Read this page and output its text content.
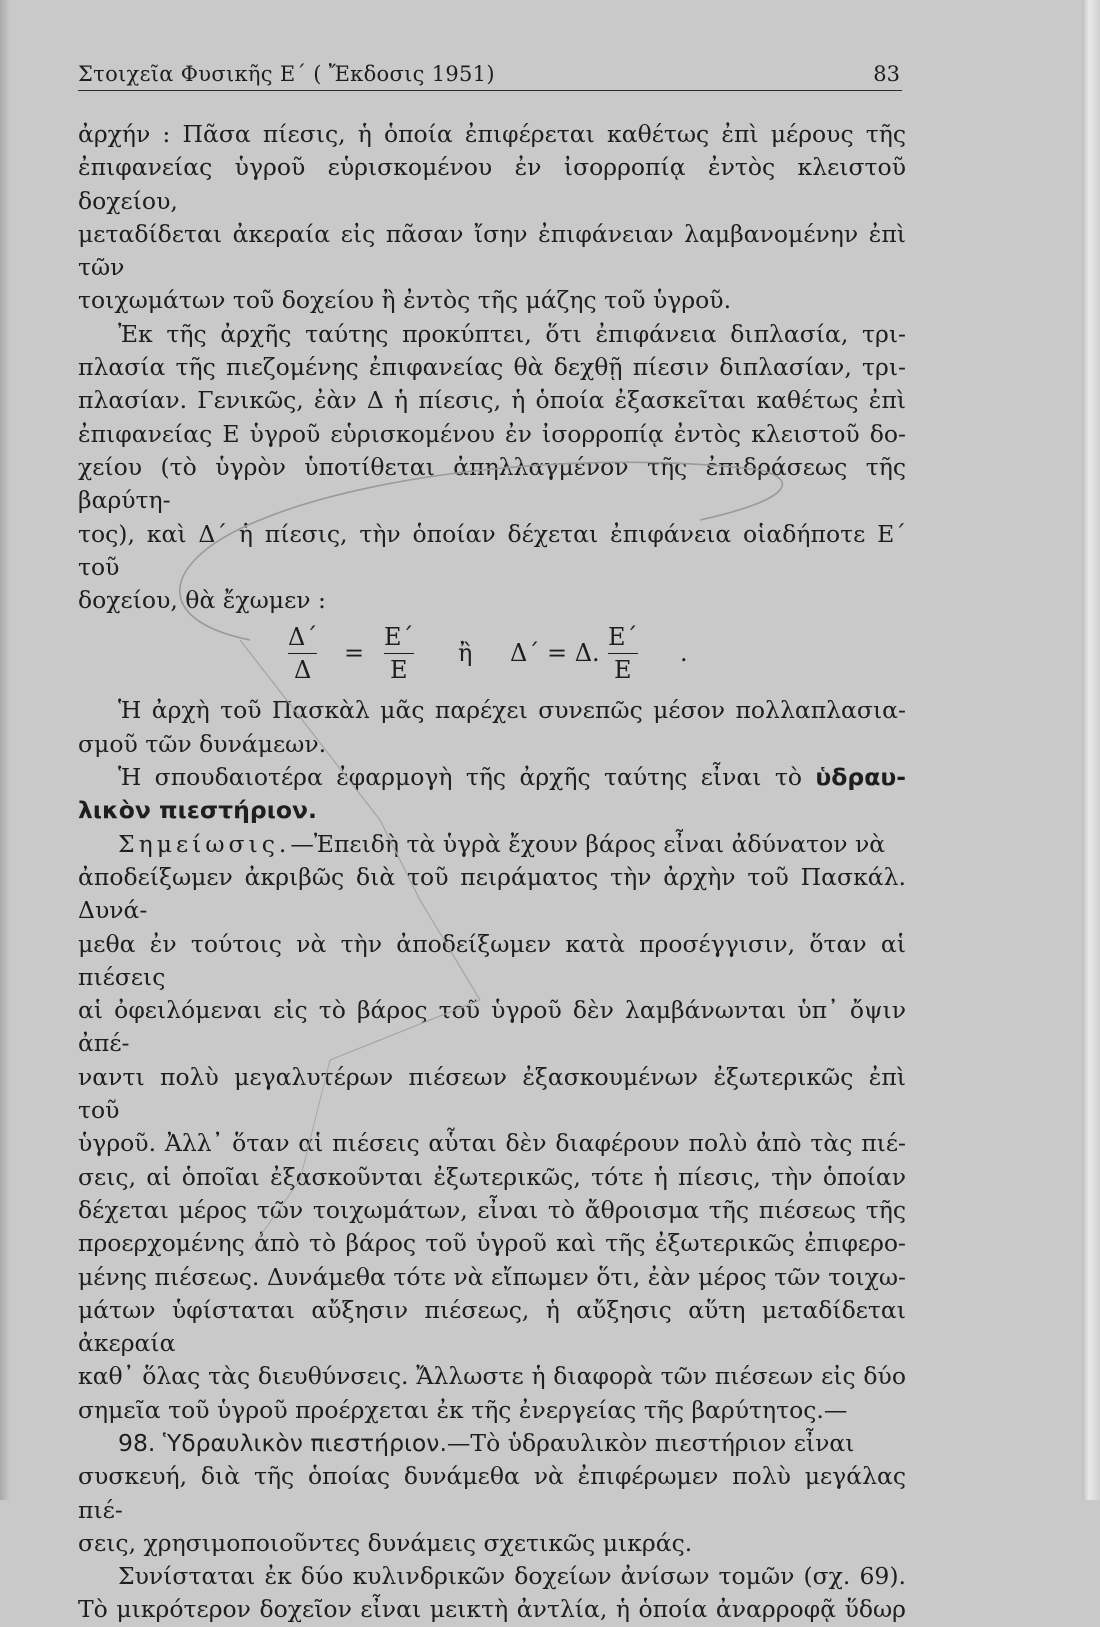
Στοιχεῖα Φυσικῆς Ε΄ ( Ἔκδοσις 1951)	83
ἀρχήν : Πᾶσα πίεσις, ἡ ὁποία ἐπιφέρεται καθέτως ἐπὶ μέρους τῆς
ἐπιφανείας ὑγροῦ εὑρισκομένου ἐν ἰσορροπίᾳ ἐντὸς κλειστοῦ δοχείου,
μεταδίδεται ἀκεραία εἰς πᾶσαν ἴσην ἐπιφάνειαν λαμβανομένην ἐπὶ τῶν
τοιχωμάτων τοῦ δοχείου ἢ ἐντὸς τῆς μάζης τοῦ ὑγροῦ.
Ἐκ τῆς ἀρχῆς ταύτης προκύπτει, ὅτι ἐπιφάνεια διπλασία, τρι-
πλασία τῆς πιεζομένης ἐπιφανείας θὰ δεχθῇ πίεσιν διπλασίαν, τρι-
πλασίαν. Γενικῶς, ἐὰν Δ ἡ πίεσις, ἡ ὁποία ἐξασκεῖται καθέτως ἐπὶ
ἐπιφανείας Ε ὑγροῦ εὑρισκομένου ἐν ἰσορροπίᾳ ἐντὸς κλειστοῦ δο-
χείου (τὸ ὑγρὸν ὑποτίθεται ἀπηλλαγμένον τῆς ἐπιδράσεως τῆς βαρύτη-
τος), καὶ Δ΄ ἡ πίεσις, τὴν ὁποίαν δέχεται ἐπιφάνεια οἱαδήποτε Ε΄ τοῦ
δοχείου, θὰ ἔχωμεν :
Δ΄
Δ
=
Ε΄
Ε
ἢ Δ΄ = Δ.
Ε΄
Ε
.
Ἡ ἀρχὴ τοῦ Πασκὰλ μᾶς παρέχει συνεπῶς μέσον πολλαπλασια-
σμοῦ τῶν δυνάμεων.
Ἡ σπουδαιοτέρα ἐφαρμογὴ τῆς ἀρχῆς ταύτης εἶναι τὸ ὑδραυ-
λικὸν πιεστήριον.
Σημείωσις.—Ἐπειδὴ τὰ ὑγρὰ ἔχουν βάρος εἶναι ἀδύνατον νὰ
ἀποδείξωμεν ἀκριβῶς διὰ τοῦ πειράματος τὴν ἀρχὴν τοῦ Πασκάλ. Δυνά-
μεθα ἐν τούτοις νὰ τὴν ἀποδείξωμεν κατὰ προσέγγισιν, ὅταν αἱ πιέσεις
αἱ ὀφειλόμεναι εἰς τὸ βάρος τοῦ ὑγροῦ δὲν λαμβάνωνται ὑπ᾿ ὄψιν ἀπέ-
ναντι πολὺ μεγαλυτέρων πιέσεων ἐξασκουμένων ἐξωτερικῶς ἐπὶ τοῦ
ὑγροῦ. Ἀλλ᾿ ὅταν αἱ πιέσεις αὗται δὲν διαφέρουν πολὺ ἀπὸ τὰς πιέ-
σεις, αἱ ὁποῖαι ἐξασκοῦνται ἐξωτερικῶς, τότε ἡ πίεσις, τὴν ὁποίαν
δέχεται μέρος τῶν τοιχωμάτων, εἶναι τὸ ἄθροισμα τῆς πιέσεως τῆς
προερχομένης ἀπὸ τὸ βάρος τοῦ ὑγροῦ καὶ τῆς ἐξωτερικῶς ἐπιφερο-
μένης πιέσεως. Δυνάμεθα τότε νὰ εἴπωμεν ὅτι, ἐὰν μέρος τῶν τοιχω-
μάτων ὑφίσταται αὔξησιν πιέσεως, ἡ αὔξησις αὕτη μεταδίδεται ἀκεραία
καθ᾿ ὅλας τὰς διευθύνσεις. Ἄλλωστε ἡ διαφορὰ τῶν πιέσεων εἰς δύο
σημεῖα τοῦ ὑγροῦ προέρχεται ἐκ τῆς ἐνεργείας τῆς βαρύτητος.—
98. Ὑδραυλικὸν πιεστήριον.—Τὸ ὑδραυλικὸν πιεστήριον εἶναι
συσκευή, διὰ τῆς ὁποίας δυνάμεθα νὰ ἐπιφέρωμεν πολὺ μεγάλας πιέ-
σεις, χρησιμοποιοῦντες δυνάμεις σχετικῶς μικράς.
Συνίσταται ἐκ δύο κυλινδρικῶν δοχείων ἀνίσων τομῶν (σχ. 69).
Τὸ μικρότερον δοχεῖον εἶναι μεικτὴ ἀντλία, ἡ ὁποία ἀναρροφᾷ ὕδωρ
